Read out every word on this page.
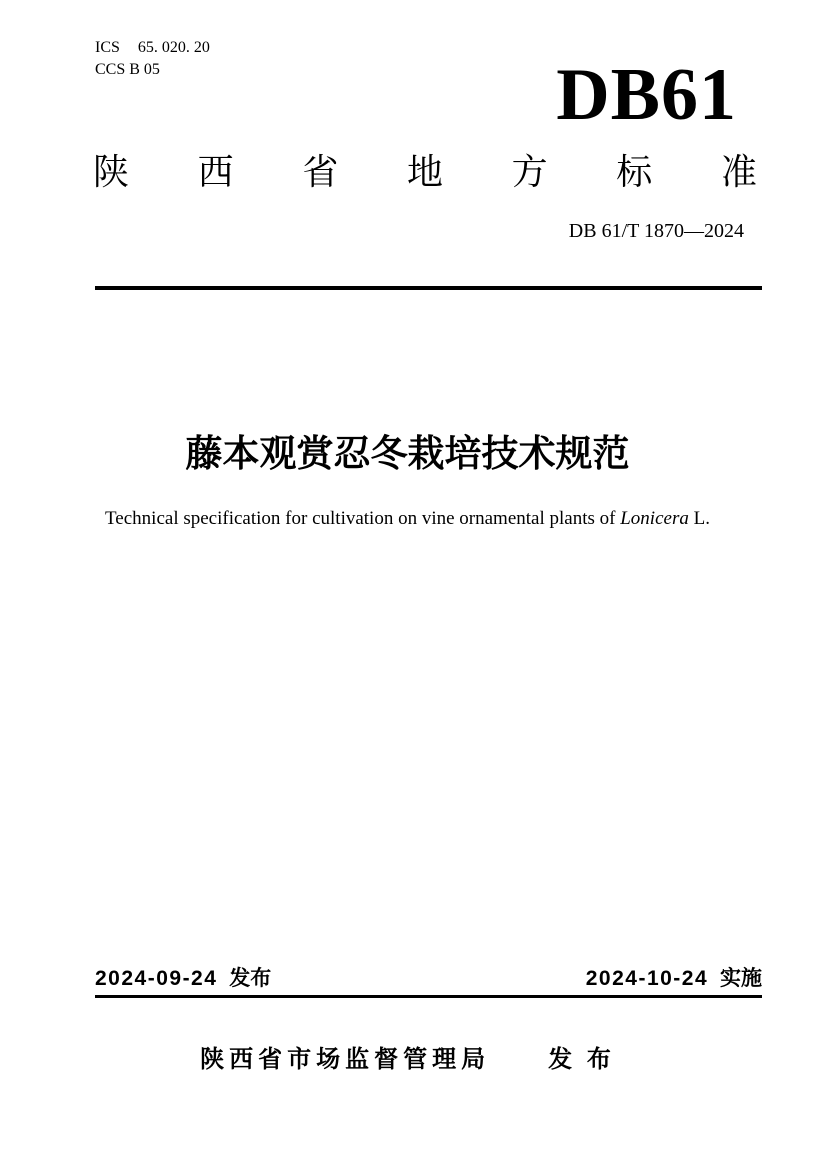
ICS 65. 020. 20
CCS B 05	DB61
陕 西 省 地 方 标 准
DB 61/T 1870—2024
藤本观赏忍冬栽培技术规范

Technical specification for cultivation on vine ornamental plants of Lonicera L.

2024-09-24 发布	2024-10-24 实施
陕西省市场监督管理局 发 布
